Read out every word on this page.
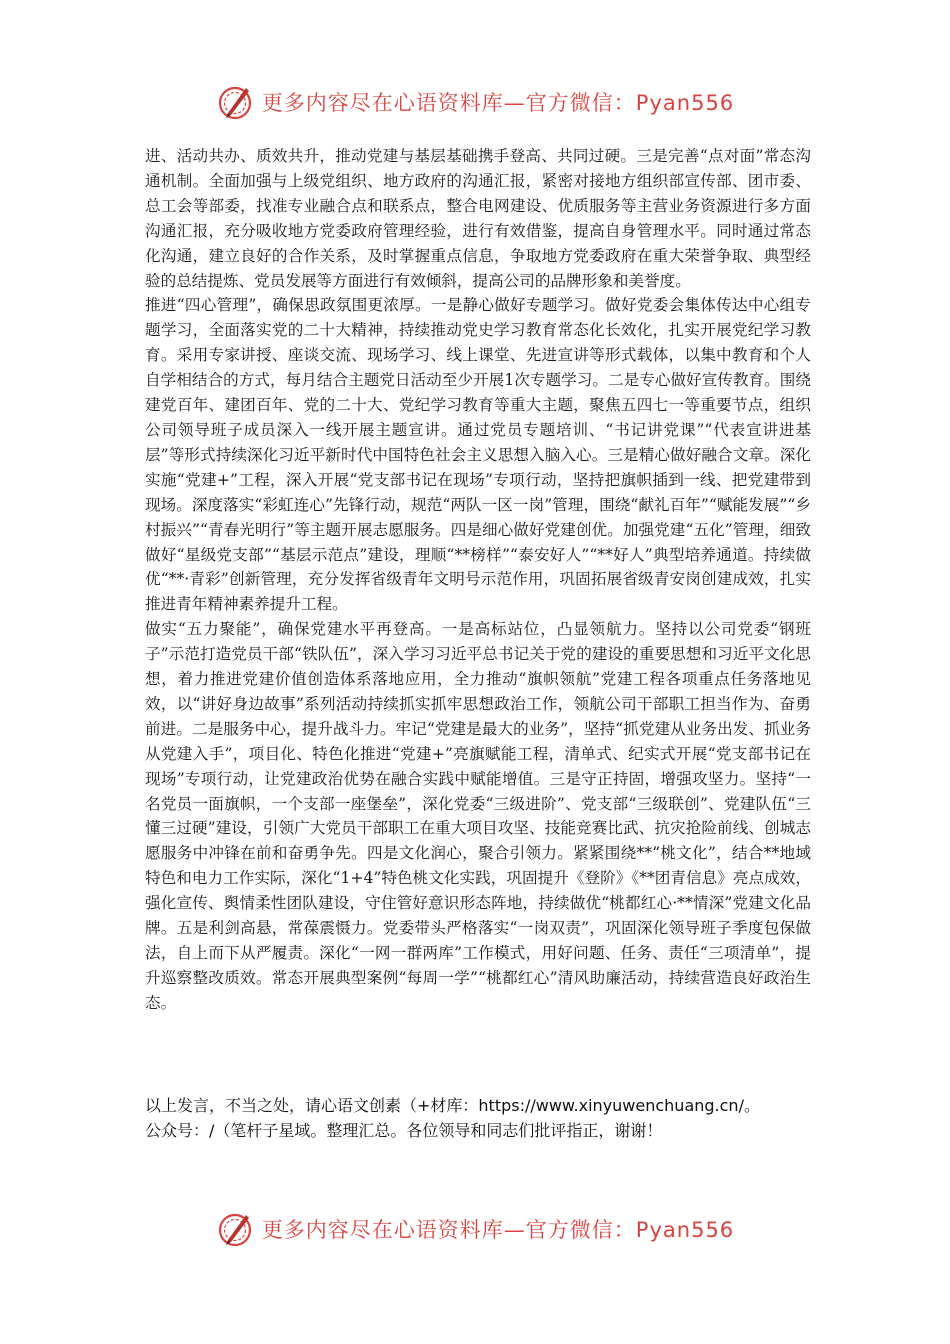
更多内容尽在心语资料库—官方微信：Pyan556

进、活动共办、质效共升，推动党建与基层基础携手登高、共同过硬。三是完善“点对面”常态沟通机制。全面加强与上级党组织、地方政府的沟通汇报，紧密对接地方组织部宣传部、团市委、总工会等部委，找准专业融合点和联系点，整合电网建设、优质服务等主营业务资源进行多方面沟通汇报，充分吸收地方党委政府管理经验，进行有效借鉴，提高自身管理水平。同时通过常态化沟通，建立良好的合作关系，及时掌握重点信息，争取地方党委政府在重大荣誉争取、典型经验的总结提炼、党员发展等方面进行有效倾斜，提高公司的品牌形象和美誉度。

推进“四心管理”，确保思政氛围更浓厚。一是静心做好专题学习。做好党委会集体传达中心组专题学习，全面落实党的二十大精神，持续推动党史学习教育常态化长效化，扎实开展党纪学习教育。采用专家讲授、座谈交流、现场学习、线上课堂、先进宣讲等形式载体，以集中教育和个人自学相结合的方式，每月结合主题党日活动至少开展1次专题学习。二是专心做好宣传教育。围绕建党百年、建团百年、党的二十大、党纪学习教育等重大主题，聚焦五四七一等重要节点，组织公司领导班子成员深入一线开展主题宣讲。通过党员专题培训、“书记讲党课”“代表宣讲进基层”等形式持续深化习近平新时代中国特色社会主义思想入脑入心。三是精心做好融合文章。深化实施“党建+”工程，深入开展“党支部书记在现场”专项行动，坚持把旗帜插到一线、把党建带到现场。深度落实“彩虹连心”先锋行动，规范“两队一区一岗”管理，围绕“献礼百年”“赋能发展”“乡村振兴”“青春光明行”等主题开展志愿服务。四是细心做好党建创优。加强党建“五化”管理，细致做好“星级党支部”“基层示范点”建设，理顺“**榜样”“泰安好人”“**好人”典型培养通道。持续做优“**·青彩”创新管理，充分发挥省级青年文明号示范作用，巩固拓展省级青安岗创建成效，扎实推进青年精神素养提升工程。

做实“五力聚能”，确保党建水平再登高。一是高标站位，凸显领航力。坚持以公司党委“钢班子”示范打造党员干部“铁队伍”，深入学习习近平总书记关于党的建设的重要思想和习近平文化思想，着力推进党建价值创造体系落地应用，全力推动“旗帜领航”党建工程各项重点任务落地见效，以“讲好身边故事”系列活动持续抓实抓牢思想政治工作，领航公司干部职工担当作为、奋勇前进。二是服务中心，提升战斗力。牢记“党建是最大的业务”，坚持“抓党建从业务出发、抓业务从党建入手”，项目化、特色化推进“党建+”亮旗赋能工程，清单式、纪实式开展“党支部书记在现场”专项行动，让党建政治优势在融合实践中赋能增值。三是守正持固，增强攻坚力。坚持“一名党员一面旗帜，一个支部一座堡垒”，深化党委“三级进阶”、党支部“三级联创”、党建队伍“三懂三过硬”建设，引领广大党员干部职工在重大项目攻坚、技能竞赛比武、抗灾抢险前线、创城志愿服务中冲锋在前和奋勇争先。四是文化润心，聚合引领力。紧紧围绕**“桃文化”，结合**地域特色和电力工作实际，深化“1+4”特色桃文化实践，巩固提升《登阶》《**团青信息》亮点成效，强化宣传、舆情柔性团队建设，守住管好意识形态阵地，持续做优“桃都红心·**情深”党建文化品牌。五是利剑高悬，常葆震慑力。党委带头严格落实“一岗双责”，巩固深化领导班子季度包保做法，自上而下从严履责。深化“一网一群两库”工作模式，用好问题、任务、责任“三项清单”，提升巡察整改质效。常态开展典型案例“每周一学”“桃都红心”清风助廉活动，持续营造良好政治生态。

以上发言，不当之处，请心语文创素（+材库：https://www.xinyuwenchuang.cn/。

公众号：/（笔杆子星域。整理汇总。各位领导和同志们批评指正，谢谢！

更多内容尽在心语资料库—官方微信：Pyan556
